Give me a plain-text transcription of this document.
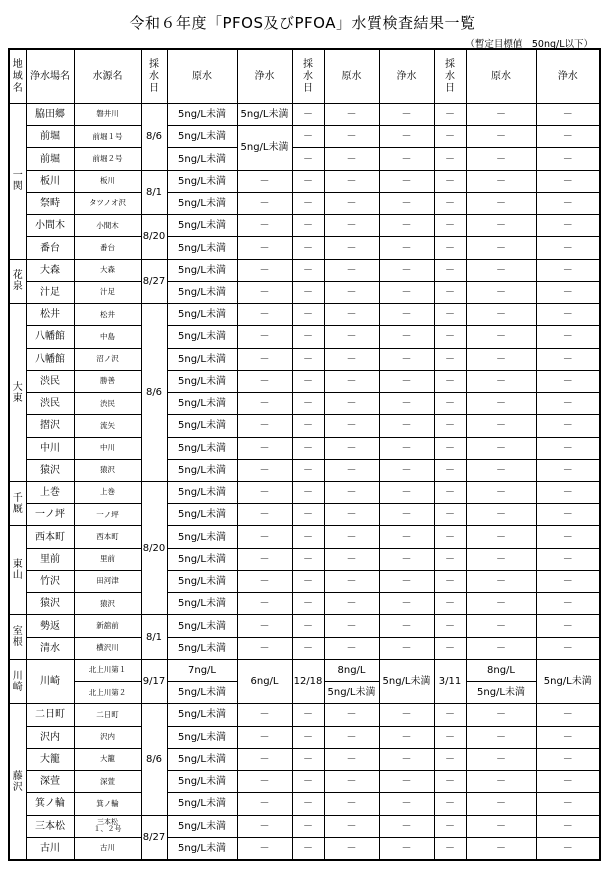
令和６年度「PFOS及びPFOA」水質検査結果一覧
（暫定目標値　50ng/L以下）
地
域
名	浄水場名	水源名	採
水
日	原水	浄水	採
水
日	原水	浄水	採
水
日	原水	浄水
一
関	脇田郷	磐井川	8/6	5ng/L未満	5ng/L未満	－	－	－	－	－	－
	前堀	前堀１号		5ng/L未満	5ng/L未満	－	－	－	－	－	－
	前堀	前堀２号		5ng/L未満		－	－	－	－	－	－
	板川	板川	8/1	5ng/L未満	－	－	－	－	－	－	－
	祭畤	タツノオ沢		5ng/L未満	－	－	－	－	－	－	－
	小間木	小間木	8/20	5ng/L未満	－	－	－	－	－	－	－
	番台	番台		5ng/L未満	－	－	－	－	－	－	－
花
泉	大森	大森	8/27	5ng/L未満	－	－	－	－	－	－	－
	汁足	汁足		5ng/L未満	－	－	－	－	－	－	－
大
東	松井	松井	8/6	5ng/L未満	－	－	－	－	－	－	－
	八幡館	中島		5ng/L未満	－	－	－	－	－	－	－
	八幡館	沼ノ沢		5ng/L未満	－	－	－	－	－	－	－
	渋民	勝善		5ng/L未満	－	－	－	－	－	－	－
	渋民	渋民		5ng/L未満	－	－	－	－	－	－	－
	摺沢	流矢		5ng/L未満	－	－	－	－	－	－	－
	中川	中川		5ng/L未満	－	－	－	－	－	－	－
	猿沢	猿沢		5ng/L未満	－	－	－	－	－	－	－
千
厩	上巻	上巻	8/20	5ng/L未満	－	－	－	－	－	－	－
	一ノ坪	一ノ坪		5ng/L未満	－	－	－	－	－	－	－
東
山	西本町	西本町		5ng/L未満	－	－	－	－	－	－	－
	里前	里前		5ng/L未満	－	－	－	－	－	－	－
	竹沢	田河津		5ng/L未満	－	－	－	－	－	－	－
	猿沢	猿沢		5ng/L未満	－	－	－	－	－	－	－
室
根	勢返	新舘前	8/1	5ng/L未満	－	－	－	－	－	－	－
	清水	横沢川		5ng/L未満	－	－	－	－	－	－	－
川
崎	川崎	北上川第１	9/17	7ng/L	6ng/L	12/18	8ng/L	5ng/L未満	3/11	8ng/L	5ng/L未満
		北上川第２		5ng/L未満			5ng/L未満			5ng/L未満	
藤
沢	二日町	二日町	8/6	5ng/L未満	－	－	－	－	－	－	－
	沢内	沢内		5ng/L未満	－	－	－	－	－	－	－
	大籠	大籠		5ng/L未満	－	－	－	－	－	－	－
	深萱	深萱		5ng/L未満	－	－	－	－	－	－	－
	箕ノ輪	箕ノ輪		5ng/L未満	－	－	－	－	－	－	－
	三本松	三本松
１、２号	8/27	5ng/L未満	－	－	－	－	－	－	－
	古川	古川		5ng/L未満	－	－	－	－	－	－	－
